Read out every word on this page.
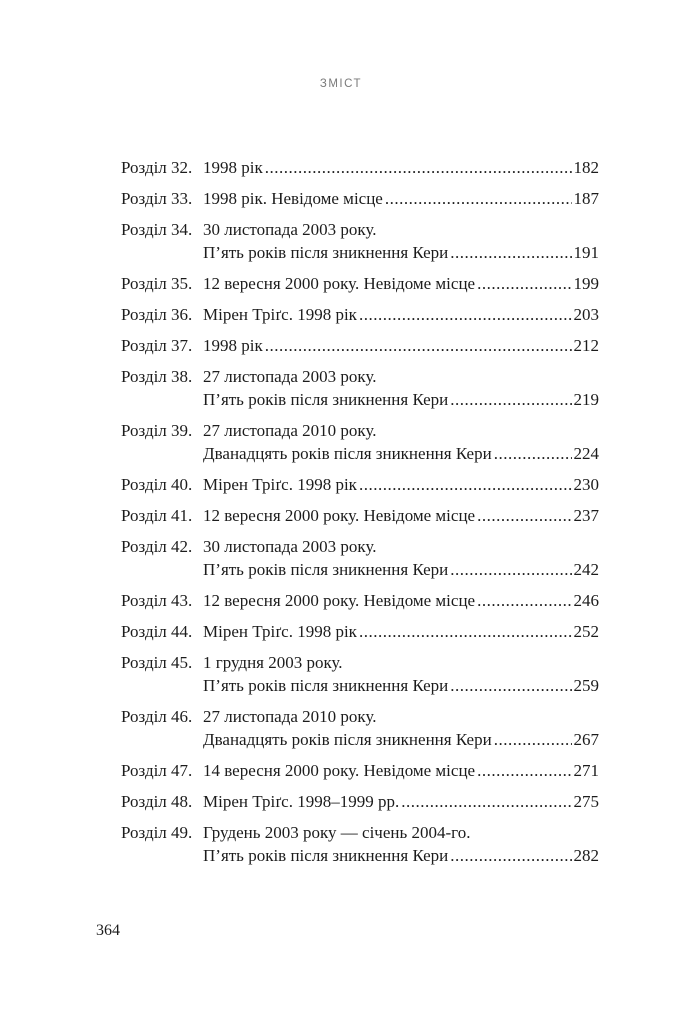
ЗМІСТ
Розділ 32. 1998 рік .....	182
Розділ 33. 1998 рік. Невідоме місце .....	187
Розділ 34. 30 листопада 2003 року.
П’ять років після зникнення Кери .....	191
Розділ 35. 12 вересня 2000 року. Невідоме місце .....	199
Розділ 36. Мірен Тріґс. 1998 рік .....	203
Розділ 37. 1998 рік .....	212
Розділ 38. 27 листопада 2003 року.
П’ять років після зникнення Кери .....	219
Розділ 39. 27 листопада 2010 року.
Дванадцять років після зникнення Кери .....	224
Розділ 40. Мірен Тріґс. 1998 рік .....	230
Розділ 41. 12 вересня 2000 року. Невідоме місце .....	237
Розділ 42. 30 листопада 2003 року.
П’ять років після зникнення Кери .....	242
Розділ 43. 12 вересня 2000 року. Невідоме місце .....	246
Розділ 44. Мірен Тріґс. 1998 рік .....	252
Розділ 45. 1 грудня 2003 року.
П’ять років після зникнення Кери .....	259
Розділ 46. 27 листопада 2010 року.
Дванадцять років після зникнення Кери .....	267
Розділ 47. 14 вересня 2000 року. Невідоме місце .....	271
Розділ 48. Мірен Тріґс. 1998–1999 рр. .....	275
Розділ 49. Грудень 2003 року — січень 2004-го.
П’ять років після зникнення Кери .....	282
364
